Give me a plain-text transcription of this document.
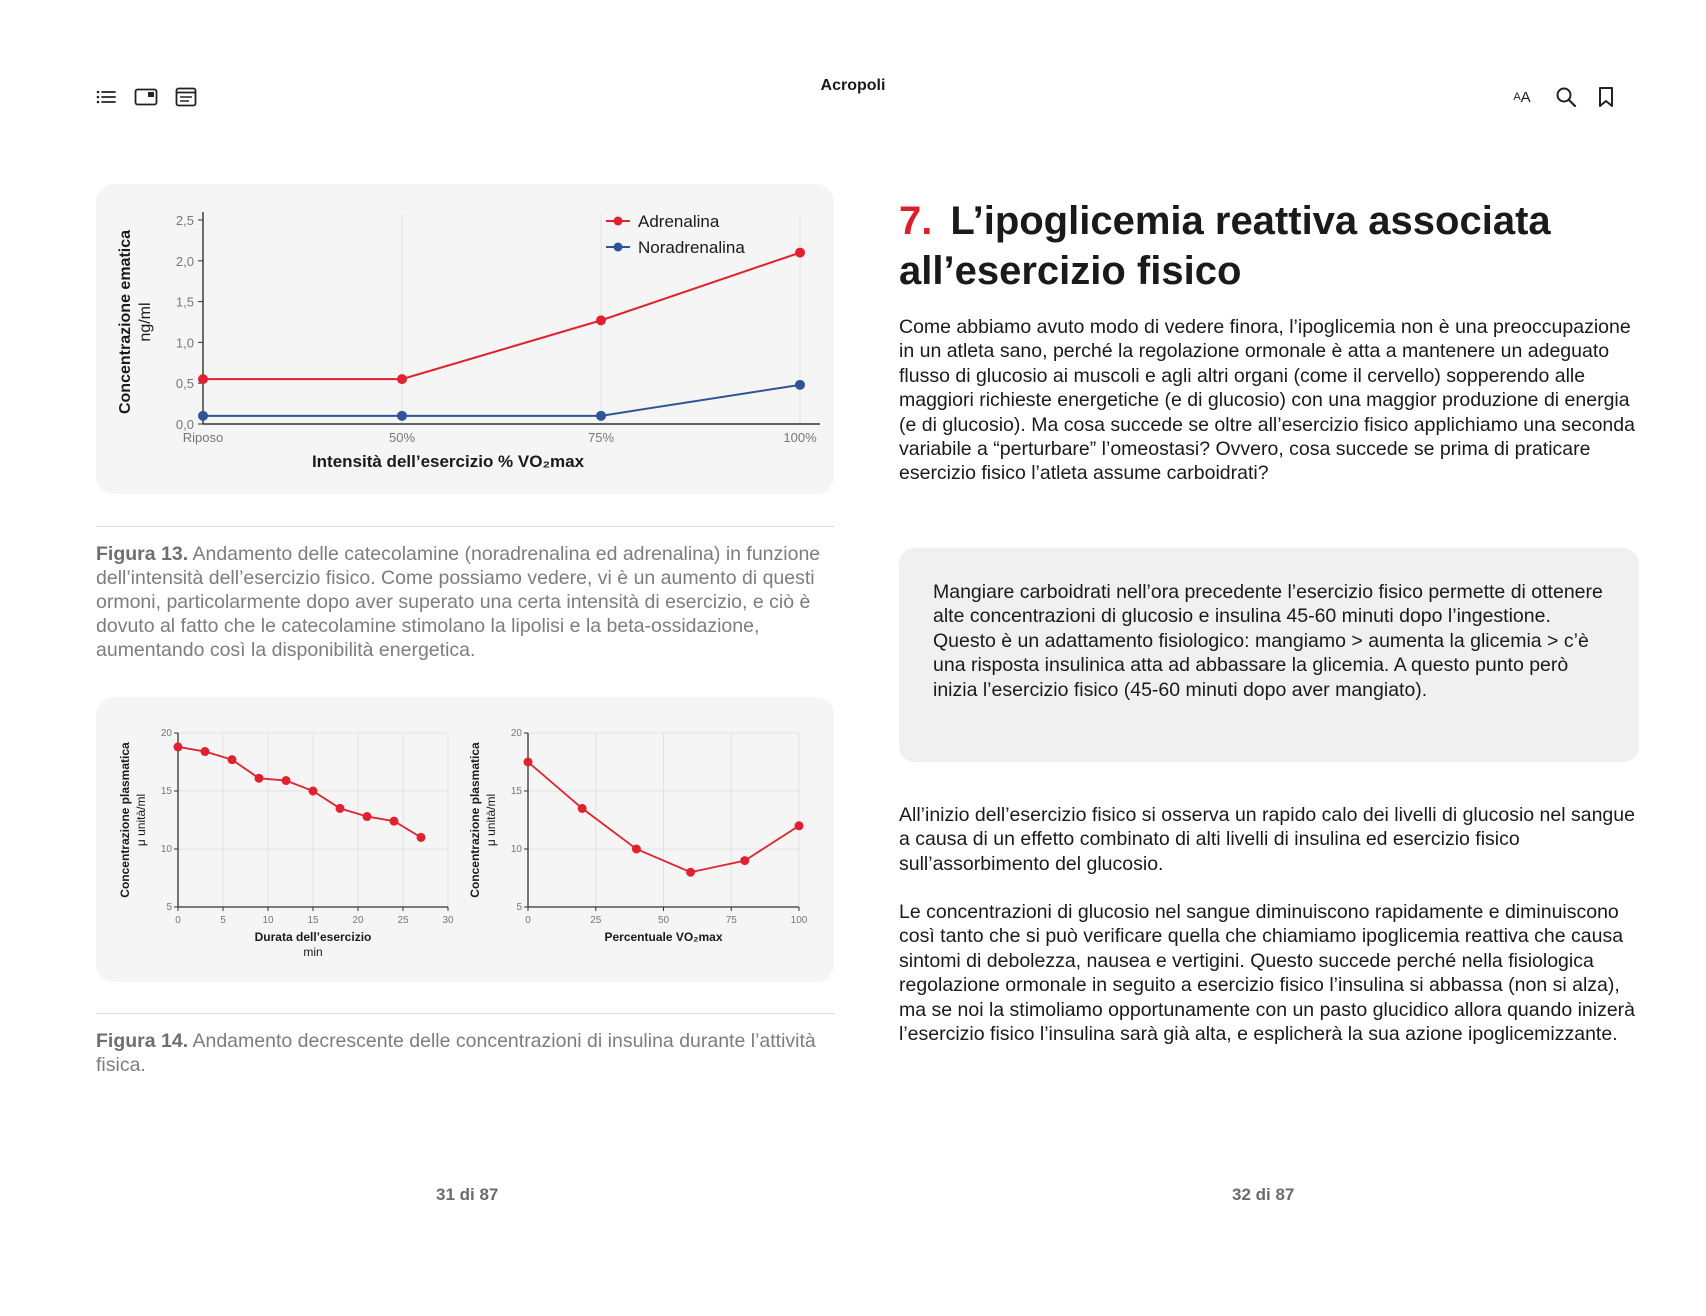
A A
Acropoli
Riposo	50%	75%	100%
0,0
0,5
1,0
1,5
2,0
2,5	Adrenalina
Noradrenalina
Concentrazione ematica ng/ml
Intensità dell’esercizio % VO₂max
Figura 13. Andamento delle catecolamine (noradrenalina ed adrenalina) in funzione dell’intensità dell’esercizio fisico. Come possiamo vedere, vi è un aumento di questi ormoni, particolarmente dopo aver superato una certa intensità di esercizio, e ciò è dovuto al fatto che le catecolamine stimolano la lipolisi e la beta-ossidazione, aumentando così la disponibilità energetica.
0	5	10	15	20	25	30
5
10
15
20
Concentrazione plasmatica μ unità/ml
Durata dell’esercizio
min
0	25	50	75	100
5
10
15
20
Concentrazione plasmatica μ unità/ml
Percentuale VO₂max
Figura 14. Andamento decrescente delle concentrazioni di insulina durante l’attività fisica.
31 di 87
7. L’ipoglicemia reattiva associata all’esercizio fisico

Come abbiamo avuto modo di vedere finora, l’ipoglicemia non è una preoccupazione in un atleta sano, perché la regolazione ormonale è atta a mantenere un adeguato flusso di glucosio ai muscoli e agli altri organi (come il cervello) sopperendo alle maggiori richieste energetiche (e di glucosio) con una maggior produzione di energia (e di glucosio). Ma cosa succede se oltre all’esercizio fisico applichiamo una seconda variabile a “perturbare” l’omeostasi? Ovvero, cosa succede se prima di praticare esercizio fisico l’atleta assume carboidrati?

Mangiare carboidrati nell’ora precedente l’esercizio fisico permette di ottenere alte concentrazioni di glucosio e insulina 45-60 minuti dopo l’ingestione. Questo è un adattamento fisiologico: mangiamo > aumenta la glicemia > c’è una risposta insulinica atta ad abbassare la glicemia. A questo punto però inizia l’esercizio fisico (45-60 minuti dopo aver mangiato).

All’inizio dell’esercizio fisico si osserva un rapido calo dei livelli di glucosio nel sangue a causa di un effetto combinato di alti livelli di insulina ed esercizio fisico sull’assorbimento del glucosio.

Le concentrazioni di glucosio nel sangue diminuiscono rapidamente e diminuiscono così tanto che si può verificare quella che chiamiamo ipoglicemia reattiva che causa sintomi di debolezza, nausea e vertigini. Questo succede perché nella fisiologica regolazione ormonale in seguito a esercizio fisico l’insulina si abbassa (non si alza), ma se noi la stimoliamo opportunamente con un pasto glucidico allora quando inizerà l’esercizio fisico l’insulina sarà già alta, e esplicherà la sua azione ipoglicemizzante.

32 di 87
